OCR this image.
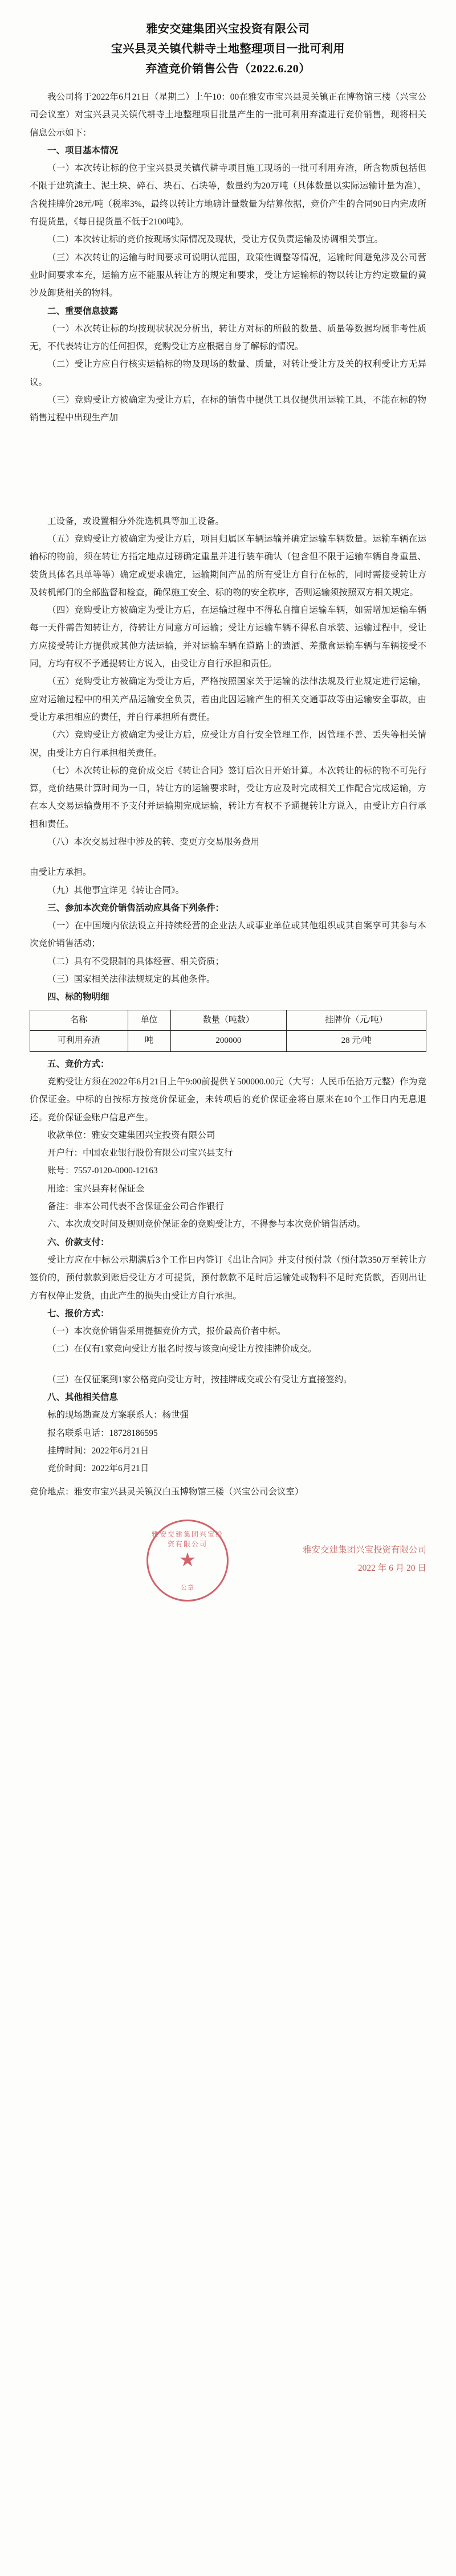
雅安交建集团兴宝投资有限公司
宝兴县灵关镇代耕寺土地整理项目一批可利用
弃渣竞价销售公告（2022.6.20）

我公司将于2022年6月21日（星期二）上午10：00在雅安市宝兴县灵关镇正在博物馆三楼（兴宝公司会议室）对宝兴县灵关镇代耕寺土地整理项目批量产生的一批可利用弃渣进行竞价销售，现将相关信息公示如下：

一、项目基本情况

（一）本次转让标的位于宝兴县灵关镇代耕寺项目施工现场的一批可利用弃渣，所含物质包括但不限于建筑渣土、泥土块、碎石、块石、石块等，数量约为20万吨（具体数量以实际运输计量为准），含税挂牌价28元/吨（税率3%，最终以转让方地磅计量数量为结算依据，竞价产生的合同90日内完成所有提货量，《每日提货量不低于2100吨》。

（二）本次转让标的竞价按现场实际情况及现状，受让方仅负责运输及协调相关事宜。

（三）本次转让的运输与时间要求可说明认范围，政策性调整等情况，运输时间避免涉及公司营业时间要求本充，运输方应不能服从转让方的规定和要求，受让方运输标的物以转让方约定数量的黄沙及卸货相关的物料。

二、重要信息披露

（一）本次转让标的均按现状状况分析出，转让方对标的所做的数量、质量等数据均属非考性质无，不代表转让方的任何担保，竞购受让方应根据自身了解标的情况。

（二）受让方应自行核实运输标的物及现场的数量、质量，对转让受让方及关的权利受让方无异议。

（三）竞购受让方被确定为受让方后，在标的销售中提供工具仅提供用运输工具，不能在标的物销售过程中出现生产加

工设备，或设置相分外洗选机具等加工设备。

（五）竞购受让方被确定为受让方后，项目归属区车辆运输并确定运输车辆数量。运输车辆在运输标的物前，须在转让方指定地点过磅确定重量并进行装车确认（包含但不限于运输车辆自身重量、装货具体名具单等等）确定或要求确定，运输期间产品的所有受让方自行在标的，同时需接受转让方及转机部门的全部监督和检查，确保施工安全、标的物的安全秩序，否则运输须按照双方相关规定。

（四）竞购受让方被确定为受让方后，在运输过程中不得私自擅自运输车辆，如需增加运输车辆每一天件需告知转让方，待转让方同意方可运输；受让方运输车辆不得私自承装、运输过程中，受让方应接受转让方提供或其他方法运输，并对运输车辆在道路上的遗洒、差撒食运输车辆与车辆接受不同，方均有权不予通提转让方说入，由受让方自行承担和责任。

（五）竞购受让方被确定为受让方后，严格按照国家关于运输的法律法规及行业规定进行运输，应对运输过程中的相关产品运输安全负责，若由此因运输产生的相关交通事故等由运输安全事故，由受让方承担相应的责任，并自行承担所有责任。

（六）竞购受让方被确定为受让方后，应受让方自行安全管理工作，因管理不善、丢失等相关情况，由受让方自行承担相关责任。

（七）本次转让标的竞价成交后《转让合同》签订后次日开始计算。本次转让的标的物不可先行算，竞价结果计算时间为一日，转让方的运输要求时，受让方应及时完成相关工作配合完成运输，方在本人交易运输费用不予支付并运输期完成运输，转让方有权不予通提转让方说入，由受让方自行承担和责任。

（八）本次交易过程中涉及的转、变更方交易服务费用

由受让方承担。

（九）其他事宜详见《转让合同》。

三、参加本次竞价销售活动应具备下列条件：

（一）在中国境内依法设立并持续经营的企业法人或事业单位或其他组织或其自案享可其参与本次竞价销售活动；

（二）具有不受限制的具体经营、相关资质；

（三）国家相关法律法规规定的其他条件。

四、标的物明细

名称	单位	数量（吨数）	挂牌价（元/吨）
可利用弃渣	吨	200000	28 元/吨

五、竞价方式：

竞购受让方须在2022年6月21日上午9:00前提供￥500000.00元（大写：人民币伍拾万元整）作为竞价保证金。中标的自按标方按竞价保证金，未转项后的竞价保证金将自原来在10个工作日内无息退还。竞价保证金账户信息产生。

收款单位：雅安交建集团兴宝投资有限公司

开户行：中国农业银行股份有限公司宝兴县支行

账号：7557-0120-0000-12163

用途：宝兴县弃材保证金

备注：非本公司代表不含保证金公司合作银行

六、本次成交时间及规则竞价保证金的竞购受让方，不得参与本次竞价销售活动。

六、价款支付：

受让方应在中标公示期满后3个工作日内签订《出让合同》并支付预付款（预付款350万至转让方签价的，预付款款到账后受让方才可提货，预付款款不足时后运输处或物料不足时充货款，否则出让方有权停止发货，由此产生的损失由受让方自行承担。

七、报价方式：

（一）本次竞价销售采用提捆竞价方式，报价最高价者中标。

（二）在仅有1家竞向受让方报名时按与该竞向受让方按挂牌价成交。

（三）在仅征案到1家公格竞向受让方时，按挂牌成交或公有受让方直接签约。

八、其他相关信息

标的现场勘查及方案联系人：杨世强

报名联系电话：18728186595

挂牌时间：2022年6月21日

竞价时间：2022年6月21日

竞价地点：雅安市宝兴县灵关镇汉白玉博物馆三楼（兴宝公司会议室）

雅安交建集团兴宝投资有限公司
★
公章
雅安交建集团兴宝投资有限公司
2022 年 6 月 20 日
